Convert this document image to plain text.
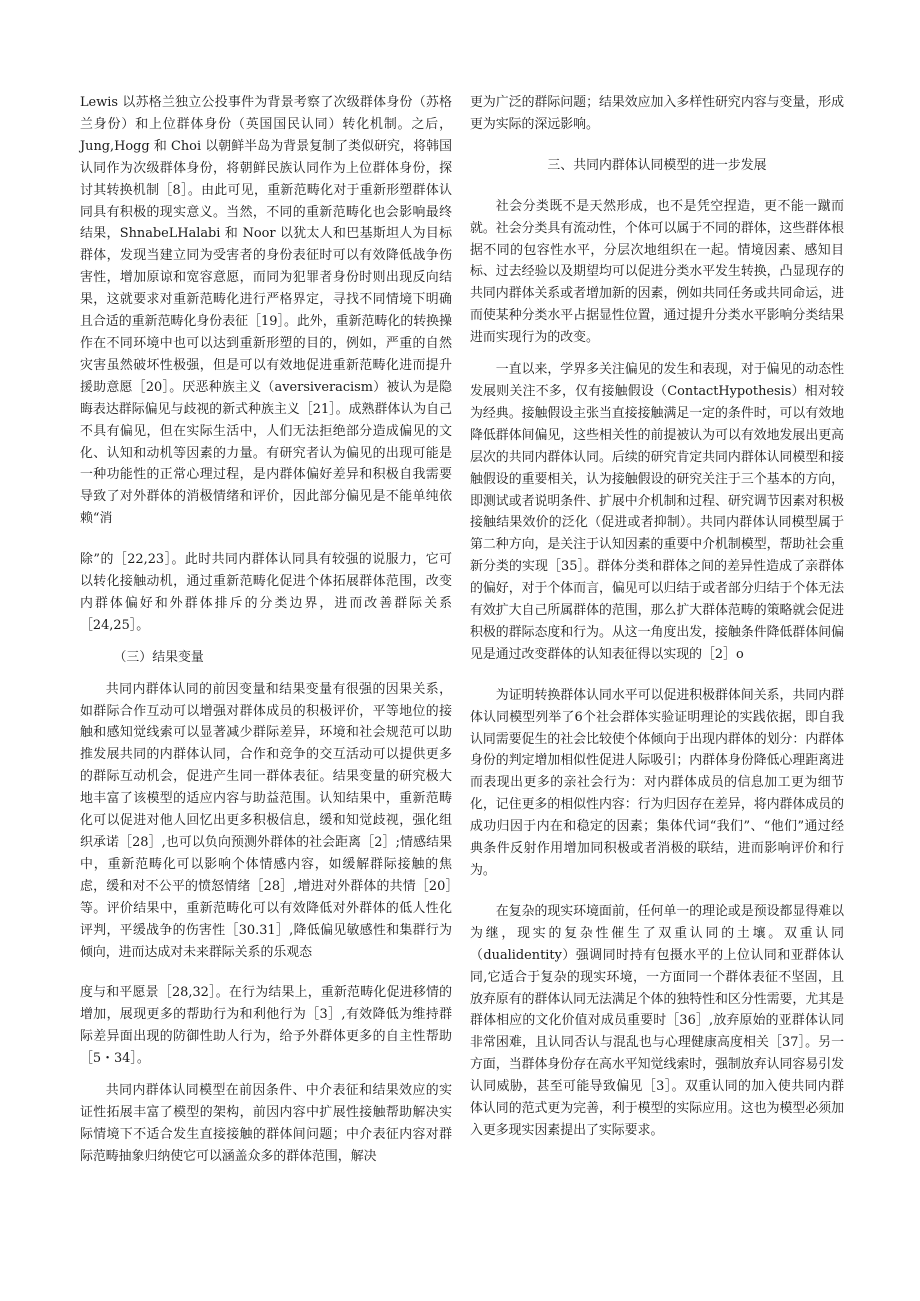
Lewis 以苏格兰独立公投事件为背景考察了次级群体身份（苏格兰身份）和上位群体身份（英国国民认同）转化机制。之后，Jung,Hogg 和 Choi 以朝鲜半岛为背景复制了类似研究，将韩国认同作为次级群体身份，将朝鲜民族认同作为上位群体身份，探讨其转换机制［8］。由此可见，重新范畴化对于重新形塑群体认同具有积极的现实意义。当然，不同的重新范畴化也会影响最终结果，ShnabeLHalabi 和 Noor 以犹太人和巴基斯坦人为目标群体，发现当建立同为受害者的身份表征时可以有效降低战争伤害性，增加原谅和宽容意愿，而同为犯罪者身份时则出现反向结果，这就要求对重新范畴化进行严格界定，寻找不同情境下明确且合适的重新范畴化身份表征［19］。此外，重新范畴化的转换操作在不同环境中也可以达到重新形塑的目的，例如，严重的自然灾害虽然破坏性极强，但是可以有效地促进重新范畴化进而提升援助意愿［20］。厌恶种族主义（aversiveracism）被认为是隐晦表达群际偏见与歧视的新式种族主义［21］。成熟群体认为自己不具有偏见，但在实际生活中，人们无法拒绝部分造成偏见的文化、认知和动机等因素的力量。有研究者认为偏见的出现可能是一种功能性的正常心理过程，是内群体偏好差异和积极自我需要导致了对外群体的消极情绪和评价，因此部分偏见是不能单纯依赖“消

除”的［22,23］。此时共同内群体认同具有较强的说服力，它可以转化接触动机，通过重新范畴化促进个体拓展群体范围，改变内群体偏好和外群体排斥的分类边界，进而改善群际关系［24,25］。

（三）结果变量

共同内群体认同的前因变量和结果变量有很强的因果关系，如群际合作互动可以增强对群体成员的积极评价，平等地位的接触和感知觉线索可以显著减少群际差异，环境和社会规范可以助推发展共同的内群体认同，合作和竞争的交互活动可以提供更多的群际互动机会，促进产生同一群体表征。结果变量的研究极大地丰富了该模型的适应内容与助益范围。认知结果中，重新范畴化可以促进对他人回忆出更多积极信息，缓和知觉歧视，强化组织承诺［28］,也可以负向预测外群体的社会距离［2］;情感结果中，重新范畴化可以影响个体情感内容，如缓解群际接触的焦虑，缓和对不公平的愤怒情绪［28］,增进对外群体的共情［20］等。评价结果中，重新范畴化可以有效降低对外群体的低人性化评判，平缓战争的伤害性［30.31］,降低偏见敏感性和集群行为倾向，进而达成对未来群际关系的乐观态

度与和平愿景［28,32］。在行为结果上，重新范畴化促进移情的增加，展现更多的帮助行为和利他行为［3］,有效降低为维持群际差异面出现的防御性助人行为，给予外群体更多的自主性帮助［5・34］。

共同内群体认同模型在前因条件、中介表征和结果效应的实证性拓展丰富了模型的架构，前因内容中扩展性接触帮助解决实际情境下不适合发生直接接触的群体间问题；中介表征内容对群际范畴抽象归纳使它可以涵盖众多的群体范围，解决

更为广泛的群际问题；结果效应加入多样性研究内容与变量，形成更为实际的深远影响。

三、共同内群体认同模型的进一步发展

社会分类既不是天然形成，也不是凭空捏造，更不能一蹴而就。社会分类具有流动性，个体可以属于不同的群体，这些群体根据不同的包容性水平，分层次地组织在一起。情境因素、感知目标、过去经验以及期望均可以促进分类水平发生转换，凸显现存的共同内群体关系或者增加新的因素，例如共同任务或共同命运，进而使某种分类水平占据显性位置，通过提升分类水平影响分类结果进而实现行为的改变。

一直以来，学界多关注偏见的发生和表现，对于偏见的动态性发展则关注不多，仅有接触假设（ContactHypothesis）相对较为经典。接触假设主张当直接接触满足一定的条件时，可以有效地降低群体间偏见，这些相关性的前提被认为可以有效地发展出更高层次的共同内群体认同。后续的研究肯定共同内群体认同模型和接触假设的重要相关，认为接触假设的研究关注于三个基本的方向，即测试或者说明条件、扩展中介机制和过程、研究调节因素对积极接触结果效价的泛化（促进或者抑制）。共同内群体认同模型属于第二种方向，是关注于认知因素的重要中介机制模型，帮助社会重新分类的实现［35］。群体分类和群体之间的差异性造成了亲群体的偏好，对于个体而言，偏见可以归结于或者部分归结于个体无法有效扩大自己所属群体的范围，那么扩大群体范畴的策略就会促进积极的群际态度和行为。从这一角度出发，接触条件降低群体间偏见是通过改变群体的认知表征得以实现的［2］o

为证明转换群体认同水平可以促进积极群体间关系，共同内群体认同模型列举了6个社会群体实验证明理论的实践依据，即自我认同需要促生的社会比较使个体倾向于出现内群体的划分：内群体身份的判定增加相似性促进人际吸引；内群体身份降低心理距离进而表现出更多的亲社会行为：对内群体成员的信息加工更为细节化，记住更多的相似性内容：行为归因存在差异，将内群体成员的成功归因于内在和稳定的因素；集体代词“我们”、“他们”通过经典条件反射作用增加同积极或者消极的联结，进而影响评价和行为。

在复杂的现实环境面前，任何单一的理论或是预设都显得难以为继，现实的复杂性催生了双重认同的土壤。双重认同（dualidentity）强调同时持有包摄水平的上位认同和亚群体认同,它适合于复杂的现实环境，一方面同一个群体表征不坚固，且放弃原有的群体认同无法满足个体的独特性和区分性需要，尤其是群体相应的文化价值对成员重要时［36］,放弃原始的亚群体认同非常困难，且认同否认与混乱也与心理健康高度相关［37］。另一方面，当群体身份存在高水平知觉线索时，强制放弃认同容易引发认同威胁，甚至可能导致偏见［3］。双重认同的加入使共同内群体认同的范式更为完善，利于模型的实际应用。这也为模型必须加入更多现实因素提出了实际要求。
